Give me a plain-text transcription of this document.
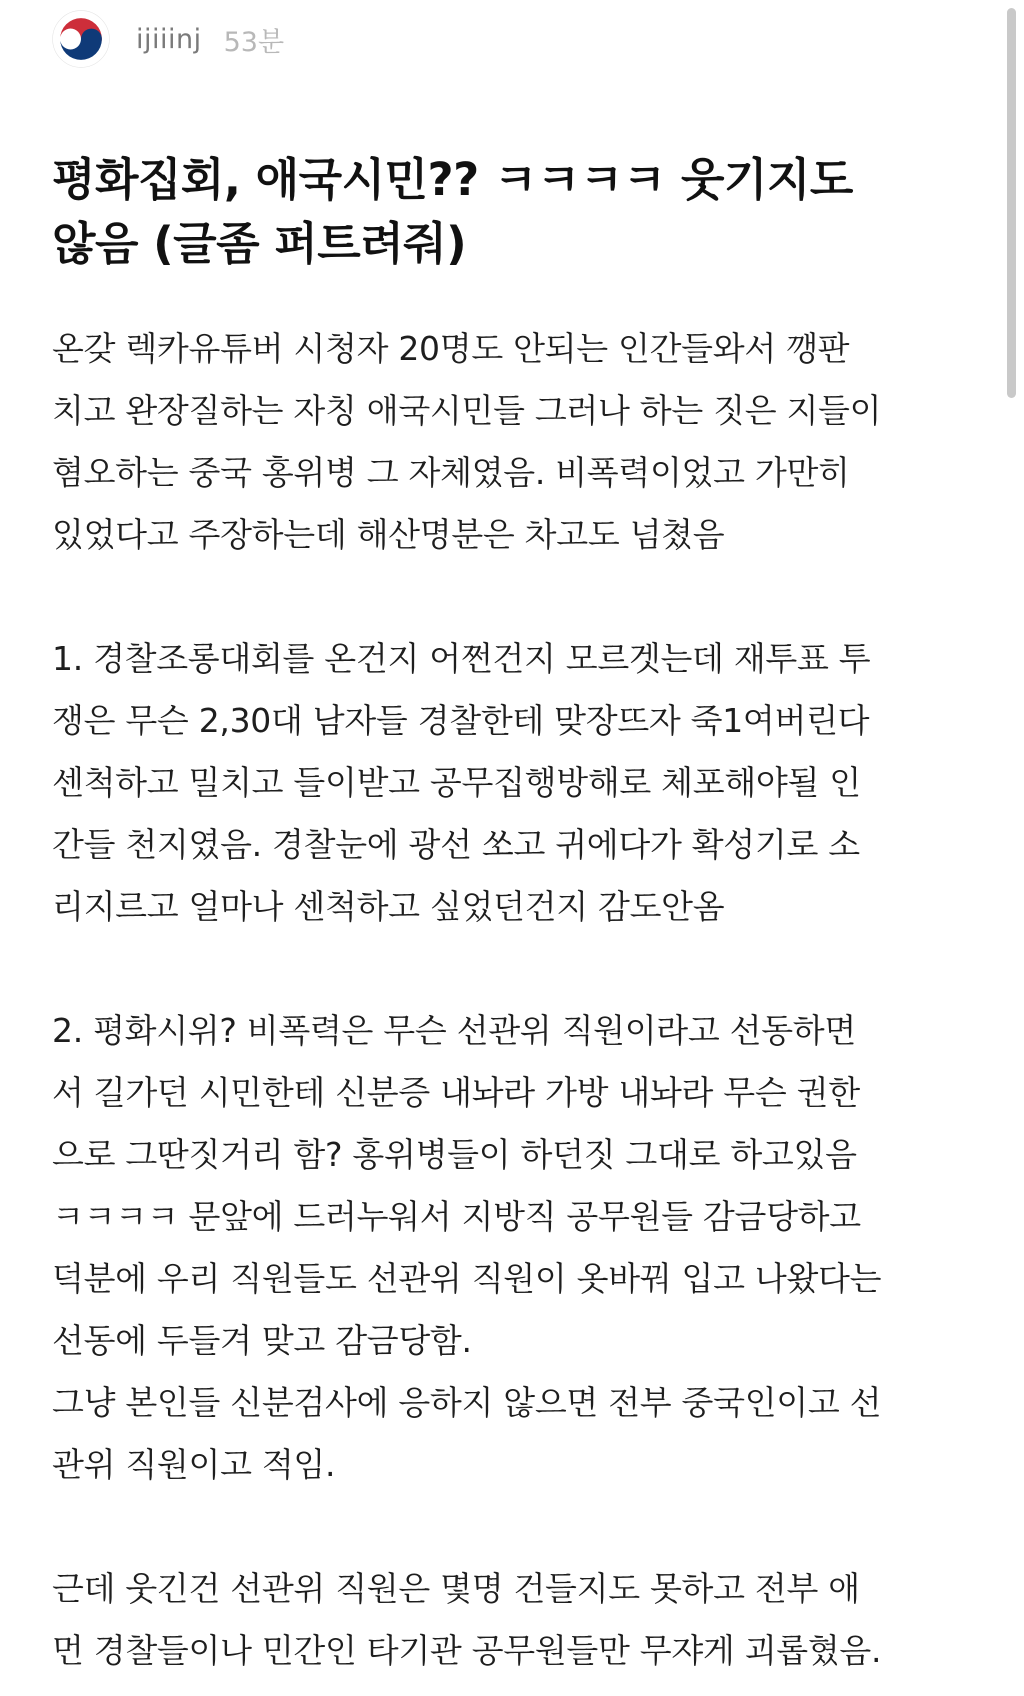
ijiiinj 53분
평화집회, 애국시민?? ㅋㅋㅋㅋ 웃기지도
않음 (글좀 퍼트려줘)
온갖 렉카유튜버 시청자 20명도 안되는 인간들와서 깽판
치고 완장질하는 자칭 애국시민들 그러나 하는 짓은 지들이
혐오하는 중국 홍위병 그 자체였음. 비폭력이었고 가만히
있었다고 주장하는데 해산명분은 차고도 넘쳤음
1. 경찰조롱대회를 온건지 어쩐건지 모르겟는데 재투표 투
쟁은 무슨 2,30대 남자들 경찰한테 맞장뜨자 죽1여버린다
센척하고 밀치고 들이받고 공무집행방해로 체포해야될 인
간들 천지였음. 경찰눈에 광선 쏘고 귀에다가 확성기로 소
리지르고 얼마나 센척하고 싶었던건지 감도안옴
2. 평화시위? 비폭력은 무슨 선관위 직원이라고 선동하면
서 길가던 시민한테 신분증 내놔라 가방 내놔라 무슨 권한
으로 그딴짓거리 함? 홍위병들이 하던짓 그대로 하고있음
ㅋㅋㅋㅋ 문앞에 드러누워서 지방직 공무원들 감금당하고
덕분에 우리 직원들도 선관위 직원이 옷바꿔 입고 나왔다는
선동에 두들겨 맞고 감금당함.
그냥 본인들 신분검사에 응하지 않으면 전부 중국인이고 선
관위 직원이고 적임.
근데 웃긴건 선관위 직원은 몇명 건들지도 못하고 전부 애
먼 경찰들이나 민간인 타기관 공무원들만 무쟈게 괴롭혔음.
